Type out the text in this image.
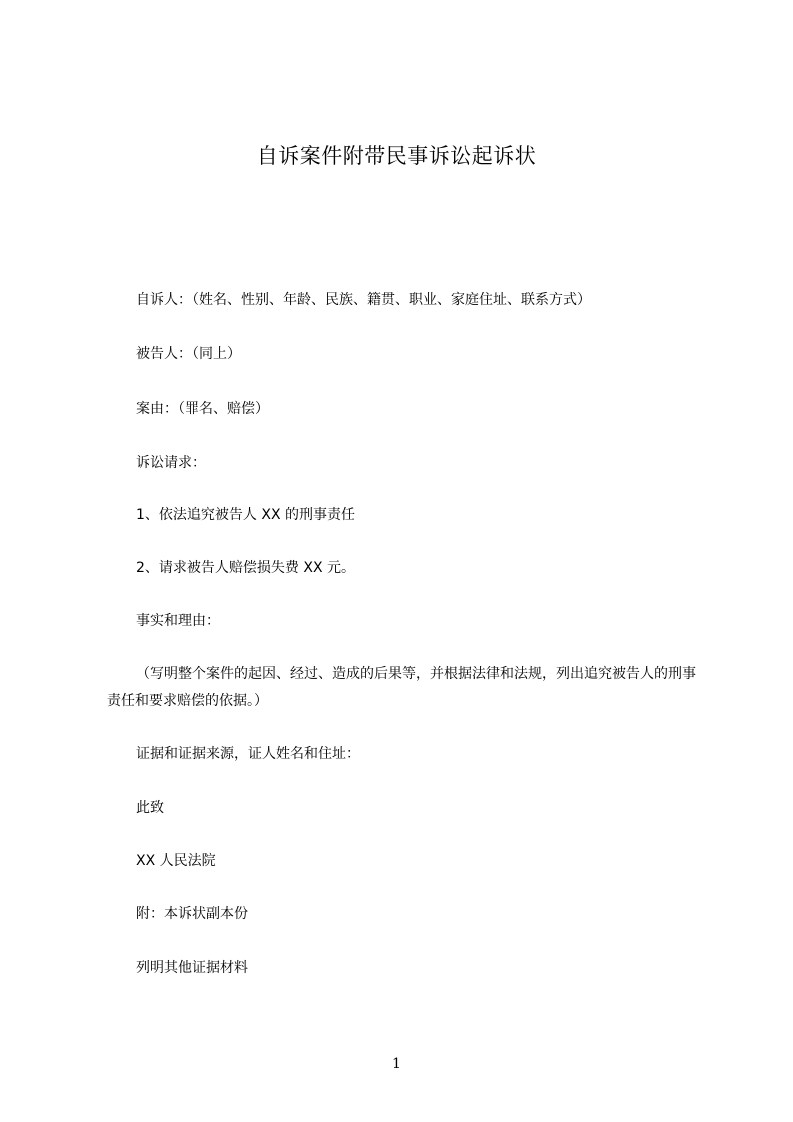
自诉案件附带民事诉讼起诉状
自诉人：（姓名、性别、年龄、民族、籍贯、职业、家庭住址、联系方式）
被告人：（同上）
案由：（罪名、赔偿）
诉讼请求：
1、依法追究被告人 XX 的刑事责任
2、请求被告人赔偿损失费 XX 元。
事实和理由：
（写明整个案件的起因、经过、造成的后果等，并根据法律和法规，列出追究被告人的刑事责任和要求赔偿的依据。）
证据和证据来源，证人姓名和住址：
此致
XX 人民法院
附：本诉状副本份
列明其他证据材料
1
